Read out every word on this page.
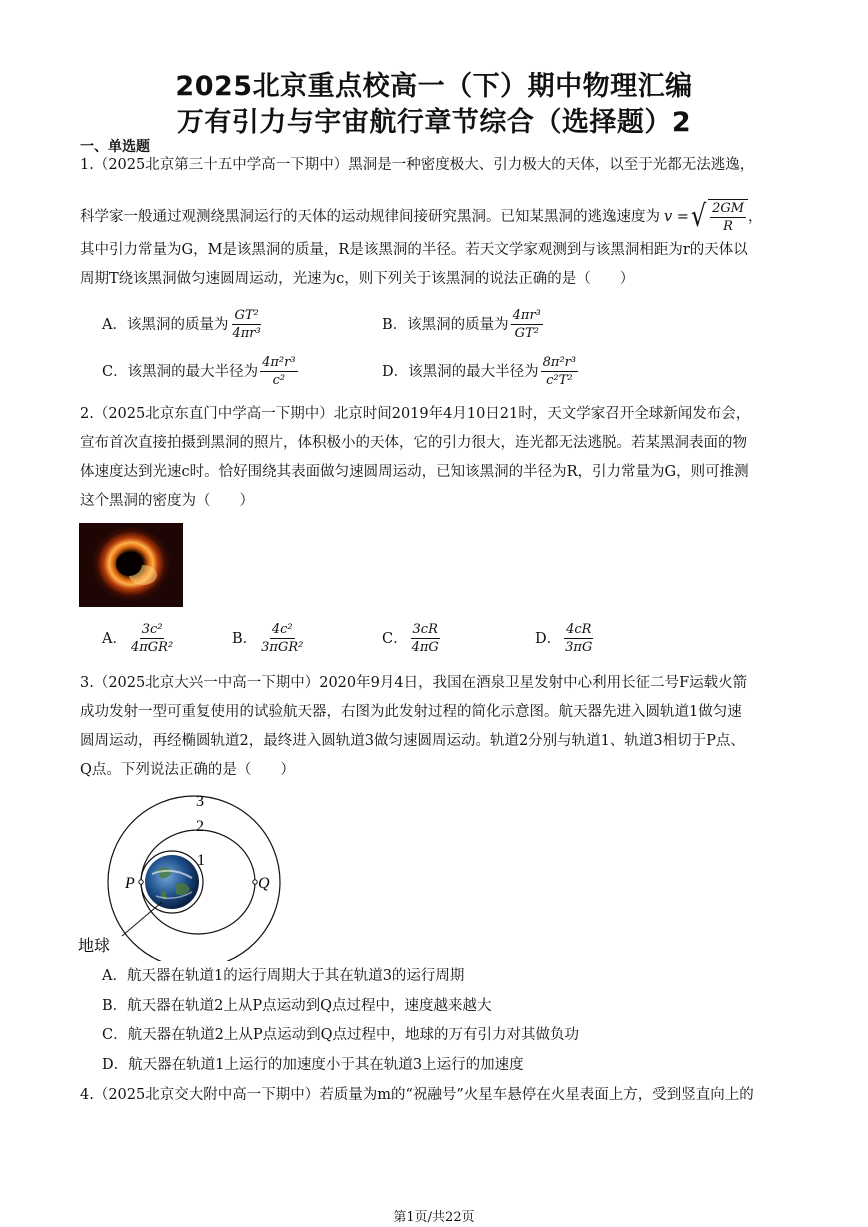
2025北京重点校高一（下）期中物理汇编
万有引力与宇宙航行章节综合（选择题）2
一、单选题
1.（2025北京第三十五中学高一下期中）黑洞是一种密度极大、引力极大的天体，以至于光都无法逃逸，
科学家一般通过观测绕黑洞运行的天体的运动规律间接研究黑洞。已知某黑洞的逃逸速度为 v = √ $\frac{2GM}{R}$ ，
其中引力常量为G，M是该黑洞的质量，R是该黑洞的半径。若天文学家观测到与该黑洞相距为r的天体以
周期T绕该黑洞做匀速圆周运动，光速为c，则下列关于该黑洞的说法正确的是（　　）
A．该黑洞的质量为 $\frac{\text{GT²}}{\text{4πr³}}$	B．该黑洞的质量为 $\frac{\text{4πr³}}{\text{GT²}}$
C．该黑洞的最大半径为 $\frac{\text{4π²r³}}{\text{c²}}$	D．该黑洞的最大半径为 $\frac{\text{8π²r³}}{\text{c²T²}}$
2.（2025北京东直门中学高一下期中）北京时间2019年4月10日21时，天文学家召开全球新闻发布会，
宣布首次直接拍摄到黑洞的照片，体积极小的天体，它的引力很大，连光都无法逃脱。若某黑洞表面的物
体速度达到光速c时。恰好围绕其表面做匀速圆周运动，已知该黑洞的半径为R，引力常量为G，则可推测
这个黑洞的密度为（　　）
A． $\frac{\text{3c²}}{\text{4πGR²}}$	B． $\frac{\text{4c²}}{\text{3πGR²}}$	C． $\frac{3cR}{4\pi G}$	D． $\frac{4cR}{3\pi G}$
3.（2025北京大兴一中高一下期中）2020年9月4日，我国在酒泉卫星发射中心利用长征二号F运载火箭
成功发射一型可重复使用的试验航天器，右图为此发射过程的简化示意图。航天器先进入圆轨道1做匀速
圆周运动，再经椭圆轨道2，最终进入圆轨道3做匀速圆周运动。轨道2分别与轨道1、轨道3相切于P点、
Q点。下列说法正确的是（　　）
3
2
1
P	Q
地球
A．航天器在轨道1的运行周期大于其在轨道3的运行周期
B．航天器在轨道2上从P点运动到Q点过程中，速度越来越大
C．航天器在轨道2上从P点运动到Q点过程中，地球的万有引力对其做负功
D．航天器在轨道1上运行的加速度小于其在轨道3上运行的加速度
4.（2025北京交大附中高一下期中）若质量为m的“祝融号”火星车悬停在火星表面上方，受到竖直向上的
第1页/共22页
